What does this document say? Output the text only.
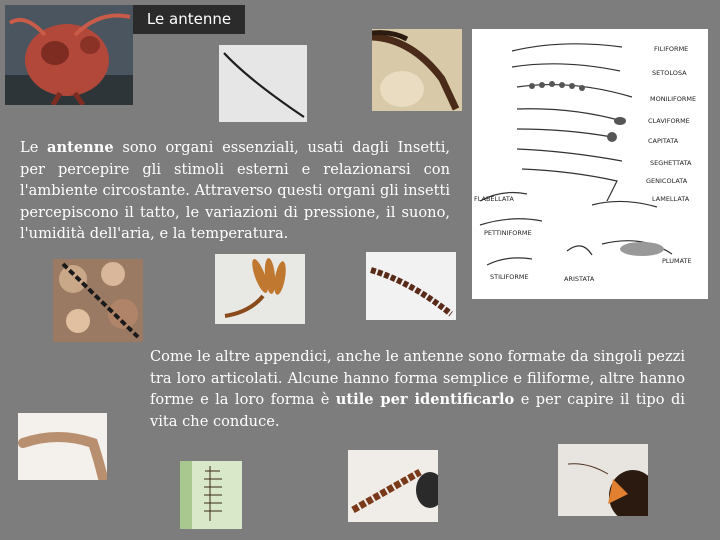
Le antenne
FILIFORME
SETOLOSA
MONILIFORME
CLAVIFORME
CAPITATA
SEGHETTATA
GENICOLATA
LAMELLATA
FLABELLATA
PETTINIFORME
PLUMATE
STILIFORME	ARISTATA

Le antenne sono organi essenziali, usati dagli Insetti, per percepire gli stimoli esterni e relazionarsi con l'ambiente circostante. Attraverso questi organi gli insetti percepiscono il tatto, le variazioni di pressione, il suono, l'umidità dell'aria, e la temperatura.

Come le altre appendici, anche le antenne sono formate da singoli pezzi tra loro articolati. Alcune hanno forma semplice e filiforme, altre hanno forme e la loro forma è utile per identificarlo e per capire il tipo di vita che conduce.
